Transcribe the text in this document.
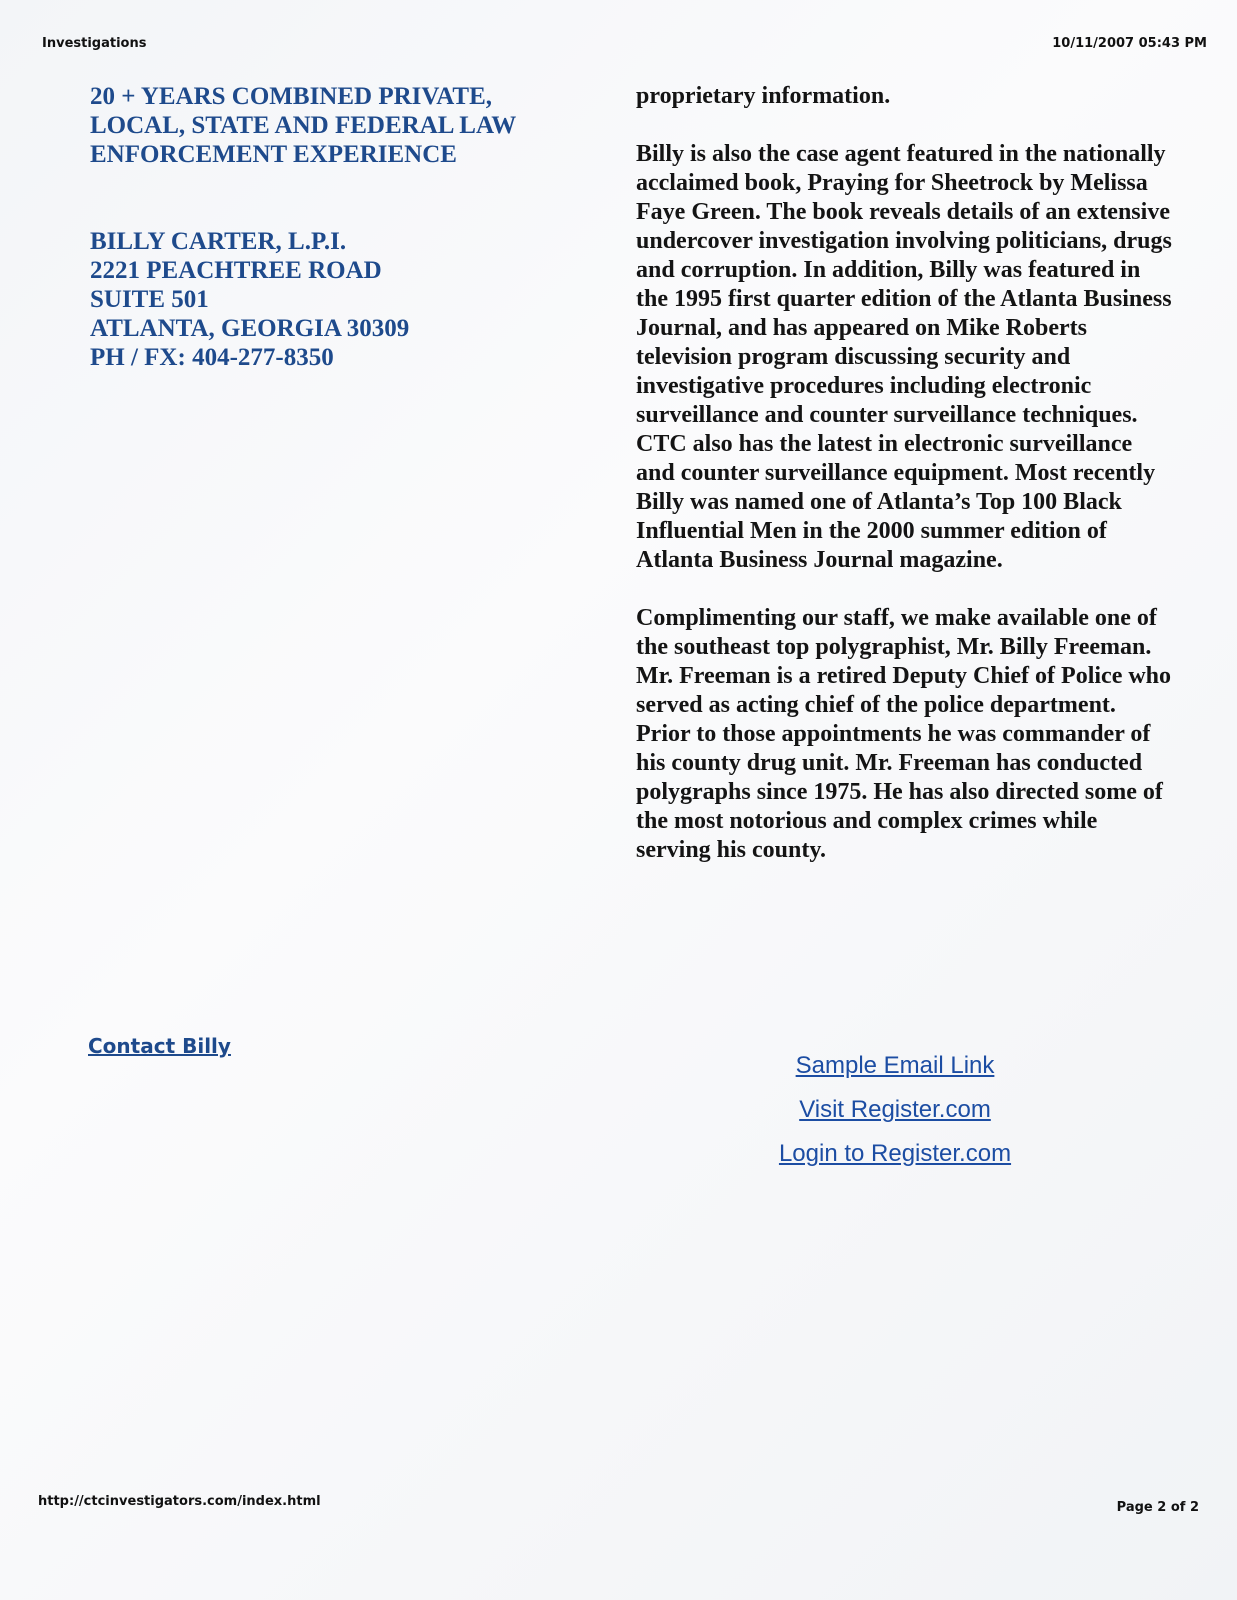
Investigations	10/11/2007 05:43 PM

20 + YEARS COMBINED PRIVATE,

LOCAL, STATE AND FEDERAL LAW

ENFORCEMENT EXPERIENCE

BILLY CARTER, L.P.I.

2221 PEACHTREE ROAD

SUITE 501

ATLANTA, GEORGIA 30309

PH / FX: 404-277-8350

proprietary information.

Billy is also the case agent featured in the nationally acclaimed book, Praying for Sheetrock by Melissa Faye Green. The book reveals details of an extensive undercover investigation involving politicians, drugs and corruption. In addition, Billy was featured in the 1995 first quarter edition of the Atlanta Business Journal, and has appeared on Mike Roberts television program discussing security and investigative procedures including electronic surveillance and counter surveillance techniques. CTC also has the latest in electronic surveillance and counter surveillance equipment. Most recently Billy was named one of Atlanta’s Top 100 Black Influential Men in the 2000 summer edition of Atlanta Business Journal magazine.

Complimenting our staff, we make available one of the southeast top polygraphist, Mr. Billy Freeman. Mr. Freeman is a retired Deputy Chief of Police who served as acting chief of the police department. Prior to those appointments he was commander of his county drug unit. Mr. Freeman has conducted polygraphs since 1975. He has also directed some of the most notorious and complex crimes while serving his county.

Contact Billy
Sample Email Link
Visit Register.com
Login to Register.com
http://ctcinvestigators.com/index.html	Page 2 of 2
